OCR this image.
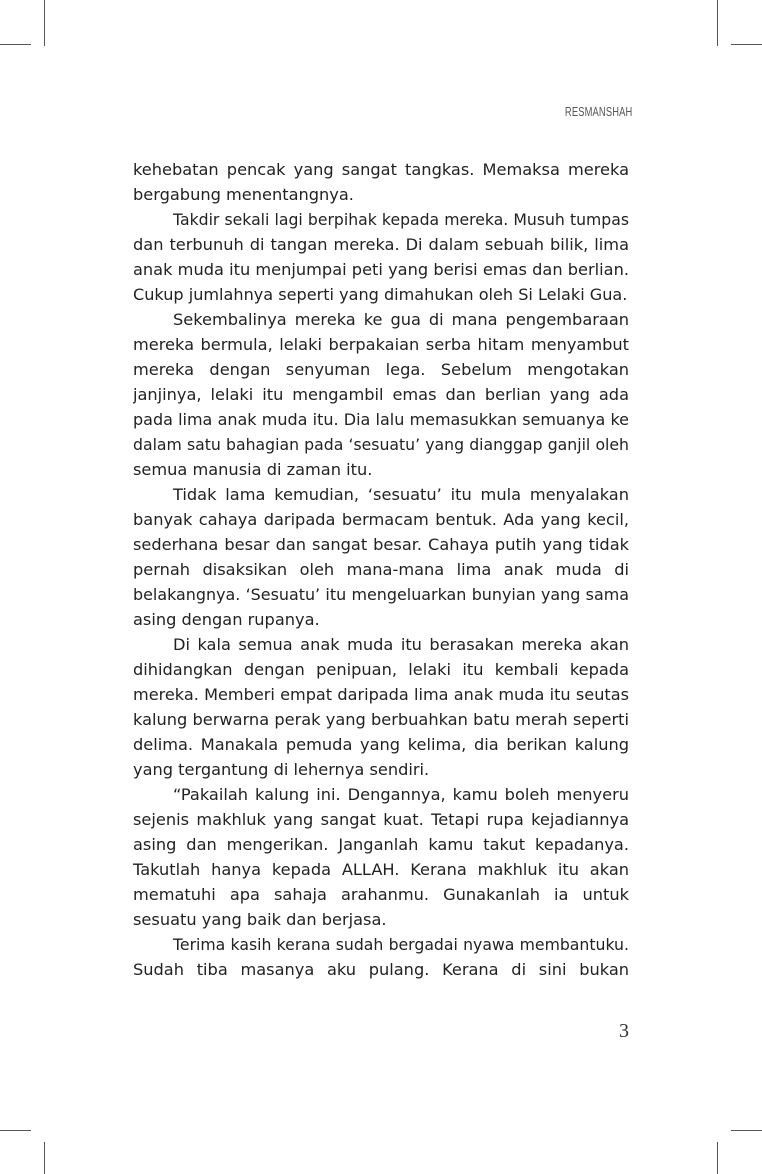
RESMANSHAH
kehebatan pencak yang sangat tangkas. Memaksa mereka
bergabung menentangnya.
Takdir sekali lagi berpihak kepada mereka. Musuh tumpas
dan terbunuh di tangan mereka. Di dalam sebuah bilik, lima
anak muda itu menjumpai peti yang berisi emas dan berlian.
Cukup jumlahnya seperti yang dimahukan oleh Si Lelaki Gua.
Sekembalinya mereka ke gua di mana pengembaraan
mereka bermula, lelaki berpakaian serba hitam menyambut
mereka dengan senyuman lega. Sebelum mengotakan
janjinya, lelaki itu mengambil emas dan berlian yang ada
pada lima anak muda itu. Dia lalu memasukkan semuanya ke
dalam satu bahagian pada ‘sesuatu’ yang dianggap ganjil oleh
semua manusia di zaman itu.
Tidak lama kemudian, ‘sesuatu’ itu mula menyalakan
banyak cahaya daripada bermacam bentuk. Ada yang kecil,
sederhana besar dan sangat besar. Cahaya putih yang tidak
pernah disaksikan oleh mana-mana lima anak muda di
belakangnya. ‘Sesuatu’ itu mengeluarkan bunyian yang sama
asing dengan rupanya.
Di kala semua anak muda itu berasakan mereka akan
dihidangkan dengan penipuan, lelaki itu kembali kepada
mereka. Memberi empat daripada lima anak muda itu seutas
kalung berwarna perak yang berbuahkan batu merah seperti
delima. Manakala pemuda yang kelima, dia berikan kalung
yang tergantung di lehernya sendiri.
“Pakailah kalung ini. Dengannya, kamu boleh menyeru
sejenis makhluk yang sangat kuat. Tetapi rupa kejadiannya
asing dan mengerikan. Janganlah kamu takut kepadanya.
Takutlah hanya kepada ALLAH. Kerana makhluk itu akan
mematuhi apa sahaja arahanmu. Gunakanlah ia untuk
sesuatu yang baik dan berjasa.
Terima kasih kerana sudah bergadai nyawa membantuku.
Sudah tiba masanya aku pulang. Kerana di sini bukan
3
